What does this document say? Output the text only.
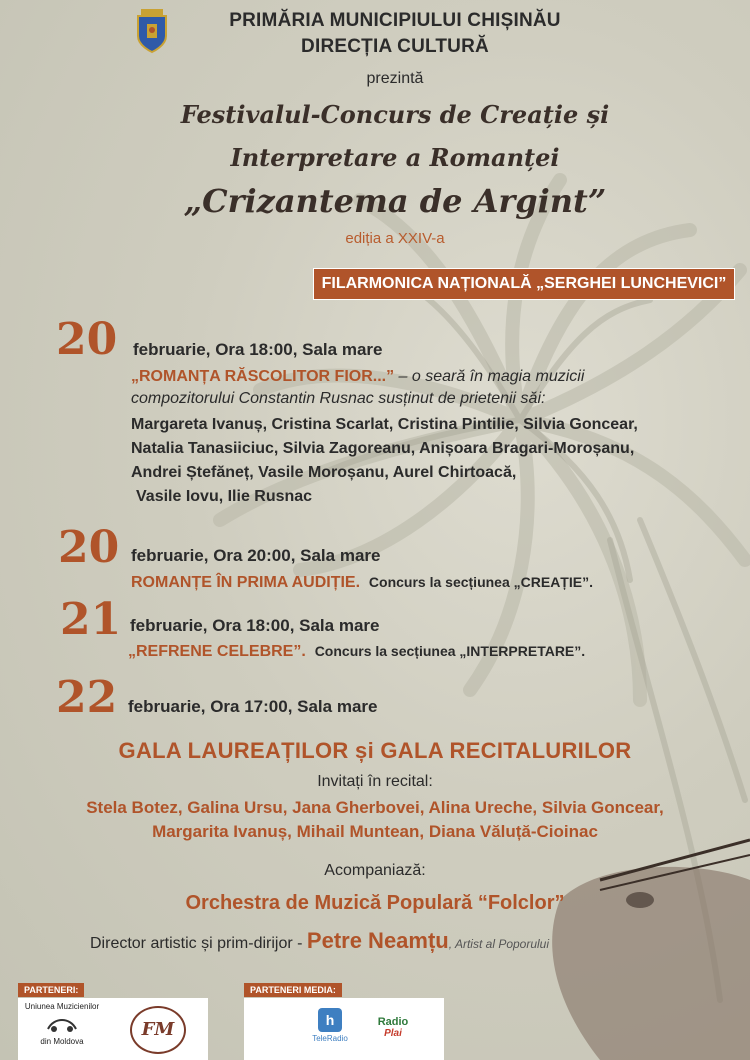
PRIMĂRIA MUNICIPIULUI CHIȘINĂU
DIRECȚIA CULTURĂ
prezintă
Festivalul-Concurs de Creație și
Interpretare a Romanței
„Crizantema de Argint”
ediția a XXIV-a
FILARMONICA NAȚIONALĂ „SERGHEI LUNCHEVICI”
20 februarie, Ora 18:00, Sala mare
„ROMANȚA RĂSCOLITOR FIOR...” – o seară în magia muzicii
compozitorului Constantin Rusnac susținut de prietenii săi:
Margareta Ivanuș, Cristina Scarlat, Cristina Pintilie, Silvia Goncear,
Natalia Tanasiiciuc, Silvia Zagoreanu, Anișoara Bragari-Moroșanu,
Andrei Ștefăneț, Vasile Moroșanu, Aurel Chirtoacă,
Vasile Iovu, Ilie Rusnac
20 februarie, Ora 20:00, Sala mare
ROMANȚE ÎN PRIMA AUDIȚIE. Concurs la secțiunea „CREAȚIE”.
21 februarie, Ora 18:00, Sala mare
„REFRENE CELEBRE”. Concurs la secțiunea „INTERPRETARE”.
22 februarie, Ora 17:00, Sala mare
GALA LAUREAȚILOR și GALA RECITALURILOR
Invitați în recital:
Stela Botez, Galina Ursu, Jana Gherbovei, Alina Ureche, Silvia Goncear,
Margarita Ivanuș, Mihail Muntean, Diana Văluță-Cioinac
Acompaniază:
Orchestra de Muzică Populară “Folclor”
Director artistic și prim-dirijor - Petre Neamțu, Artist al Poporului
PARTENERI:
Uniunea Muzicienilor
din Moldova
FM
PARTENERI MEDIA:
h
TeleRadio
Radio
Plai
